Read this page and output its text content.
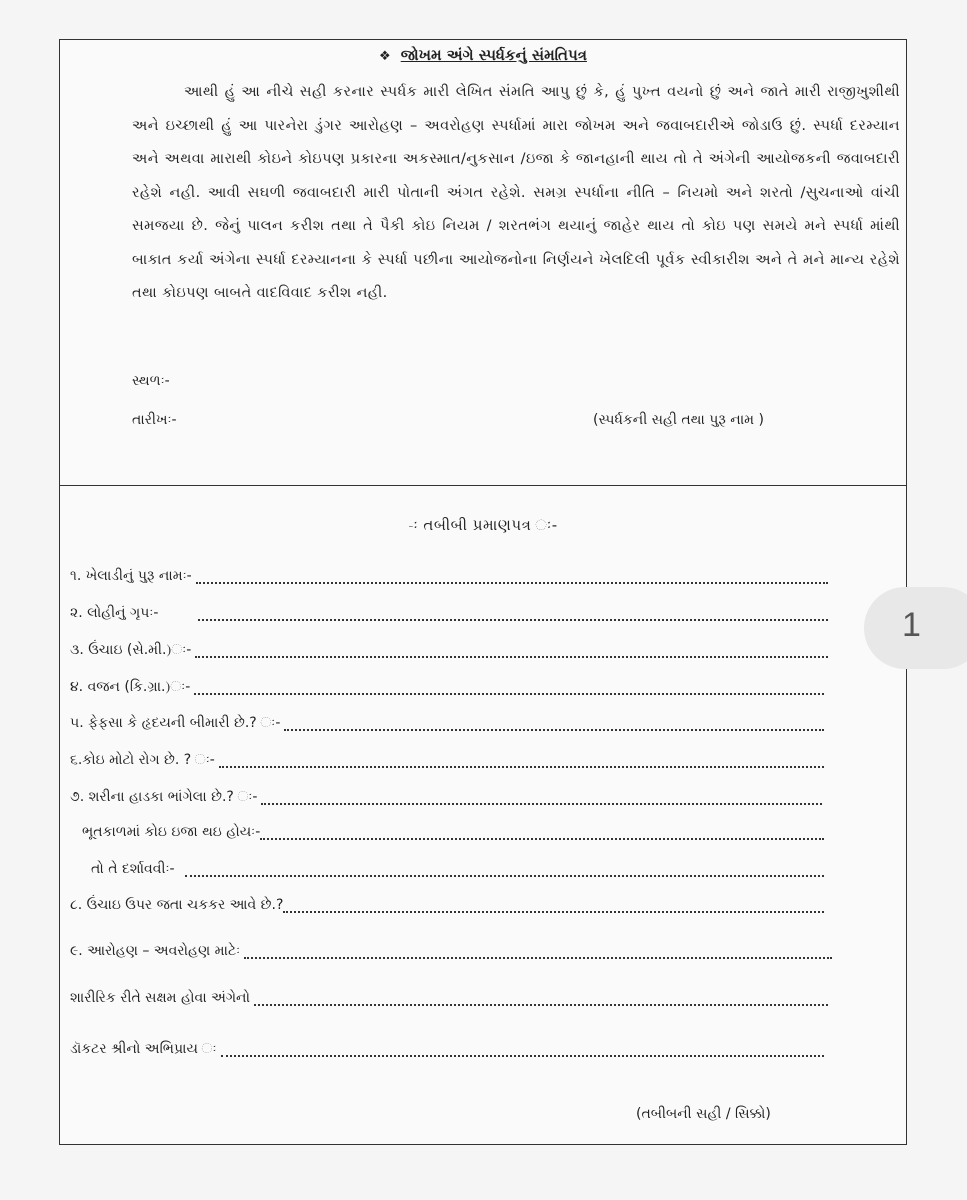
❖ જોખમ અંગે સ્પર્ધકનું સંમતિપત્ર

આથી હું આ નીચે સહી કરનાર સ્પર્ધક મારી લેખિત સંમતિ આપુ છું કે, હું પુખ્ત વયનો છું અને જાતે મારી રાજીખુશીથી અને ઇચ્છાથી હું આ પારનેરા ડુંગર આરોહણ – અવરોહણ સ્પર્ધામાં મારા જોખમ અને જવાબદારીએ જોડાઉ છું. સ્પર્ધા દરમ્યાન અને અથવા મારાથી કોઇને કોઇપણ પ્રકારના અકસ્માત/નુકસાન /ઇજા કે જાનહાની થાય તો તે અંગેની આયોજકની જવાબદારી રહેશે નહી. આવી સઘળી જવાબદારી મારી પોતાની અંગત રહેશે. સમગ્ર સ્પર્ધાના નીતિ – નિયમો અને શરતો /સુચનાઓ વાંચી સમજયા છે. જેનું પાલન કરીશ તથા તે પૈકી કોઇ નિયમ / શરતભંગ થયાનું જાહેર થાય તો કોઇ પણ સમયે મને સ્પર્ધા માંથી બાકાત કર્યા અંગેના સ્પર્ધા દરમ્યાનના કે સ્પર્ધા પછીના આયોજનોના નિર્ણયને ખેલદિલી પૂર્વક સ્વીકારીશ અને તે મને માન્ય રહેશે તથા કોઇપણ બાબતે વાદવિવાદ કરીશ નહી.

સ્થળઃ-
તારીખઃ-	(સ્પર્ધકની સહી તથા પુરૂ નામ )
-ઃ તબીબી પ્રમાણપત્ર ઃ-
૧. ખેલાડીનું પુરૂ નામઃ-
૨. લોહીનું ગૃપઃ-
૩. ઉંચાઇ (સે.મી.)ઃ-
૪. વજન (કિ.ગ્રા.)ઃ-
૫. ફેફસા કે હૃદયની બીમારી છે.? ઃ-
૬.કોઇ મોટો રોગ છે. ? ઃ-
૭. શરીના હાડકા ભાંગેલા છે.? ઃ-
ભૂતકાળમાં કોઇ ઇજા થઇ હોયઃ-
તો તે દર્શાવવીઃ-
૮. ઉંચાઇ ઉપર જતા ચકકર આવે છે.?
૯. આરોહણ – અવરોહણ માટેઃ
શારીરિક રીતે સક્ષમ હોવા અંગેનો
ડૉકટર શ્રીનો અભિપ્રાય ઃ
(તબીબની સહી / સિક્કો)
1
